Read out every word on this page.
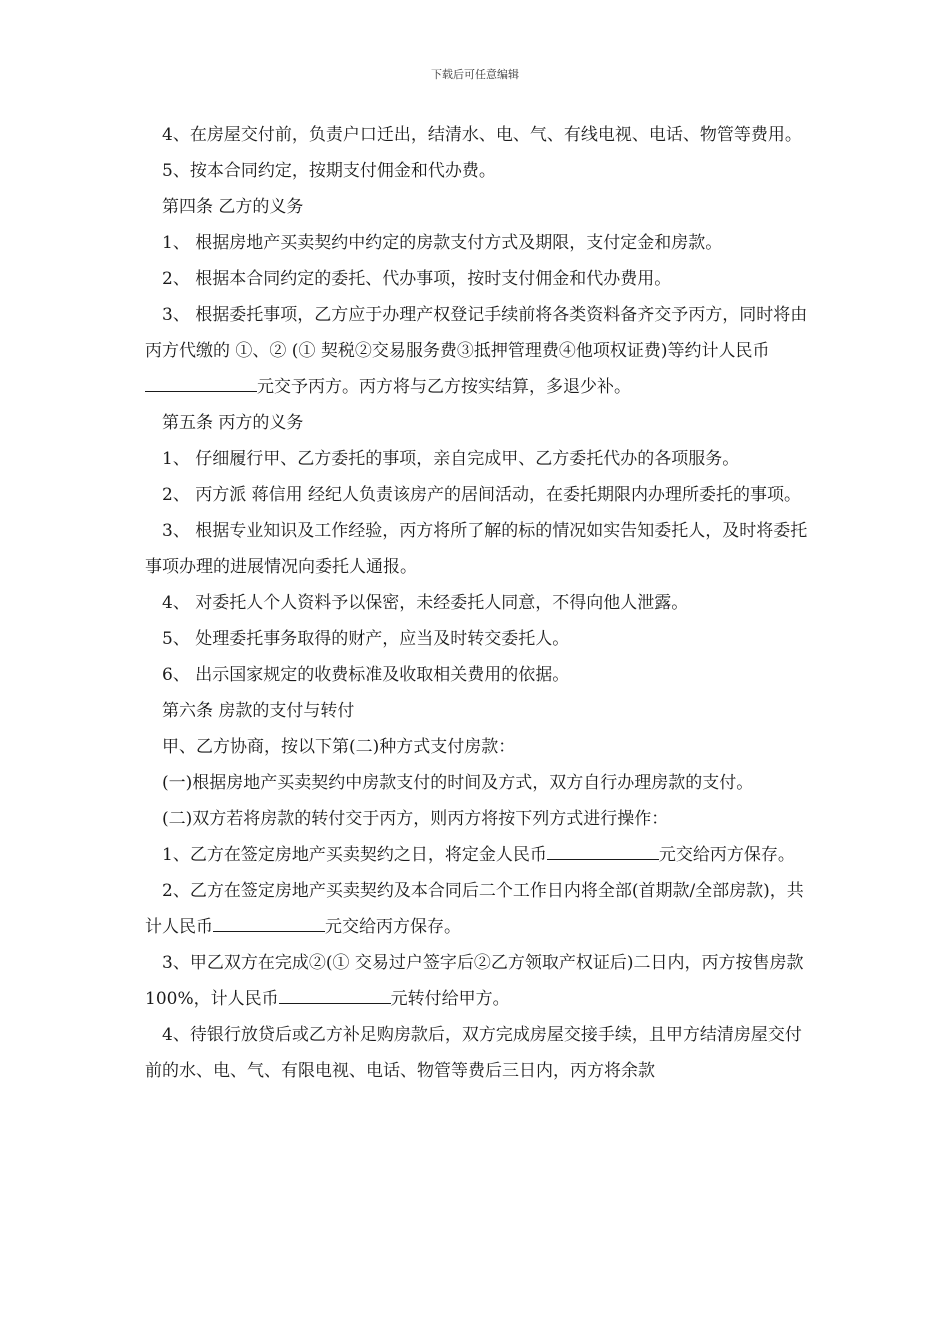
下载后可任意编辑

4、在房屋交付前，负责户口迁出，结清水、电、气、有线电视、电话、物管等费用。

5、按本合同约定，按期支付佣金和代办费。

第四条 乙方的义务

1、 根据房地产买卖契约中约定的房款支付方式及期限，支付定金和房款。

2、 根据本合同约定的委托、代办事项，按时支付佣金和代办费用。

3、 根据委托事项，乙方应于办理产权登记手续前将各类资料备齐交予丙方，同时将由 丙方代缴的 ①、② (① 契税②交易服务费③抵押管理费④他项权证费)等约计人民币 元交予丙方。丙方将与乙方按实结算，多退少补。

第五条 丙方的义务

1、 仔细履行甲、乙方委托的事项，亲自完成甲、乙方委托代办的各项服务。

2、 丙方派 蒋信用 经纪人负责该房产的居间活动，在委托期限内办理所委托的事项。

3、 根据专业知识及工作经验，丙方将所了解的标的情况如实告知委托人，及时将委托 事项办理的进展情况向委托人通报。

4、 对委托人个人资料予以保密，未经委托人同意，不得向他人泄露。

5、 处理委托事务取得的财产，应当及时转交委托人。

6、 出示国家规定的收费标准及收取相关费用的依据。

第六条 房款的支付与转付

甲、乙方协商，按以下第(二)种方式支付房款：

(一)根据房地产买卖契约中房款支付的时间及方式，双方自行办理房款的支付。

(二)双方若将房款的转付交于丙方，则丙方将按下列方式进行操作：

1、乙方在签定房地产买卖契约之日，将定金人民币	元交给丙方保存。

2、乙方在签定房地产买卖契约及本合同后二个工作日内将全部(首期款/全部房款)，共计人民币	元交给丙方保存。

3、甲乙双方在完成②(① 交易过户签字后②乙方领取产权证后)二日内，丙方按售房款 100%，计人民币	元转付给甲方。

4、待银行放贷后或乙方补足购房款后，双方完成房屋交接手续，且甲方结清房屋交付前的水、电、气、有限电视、电话、物管等费后三日内，丙方将余款
